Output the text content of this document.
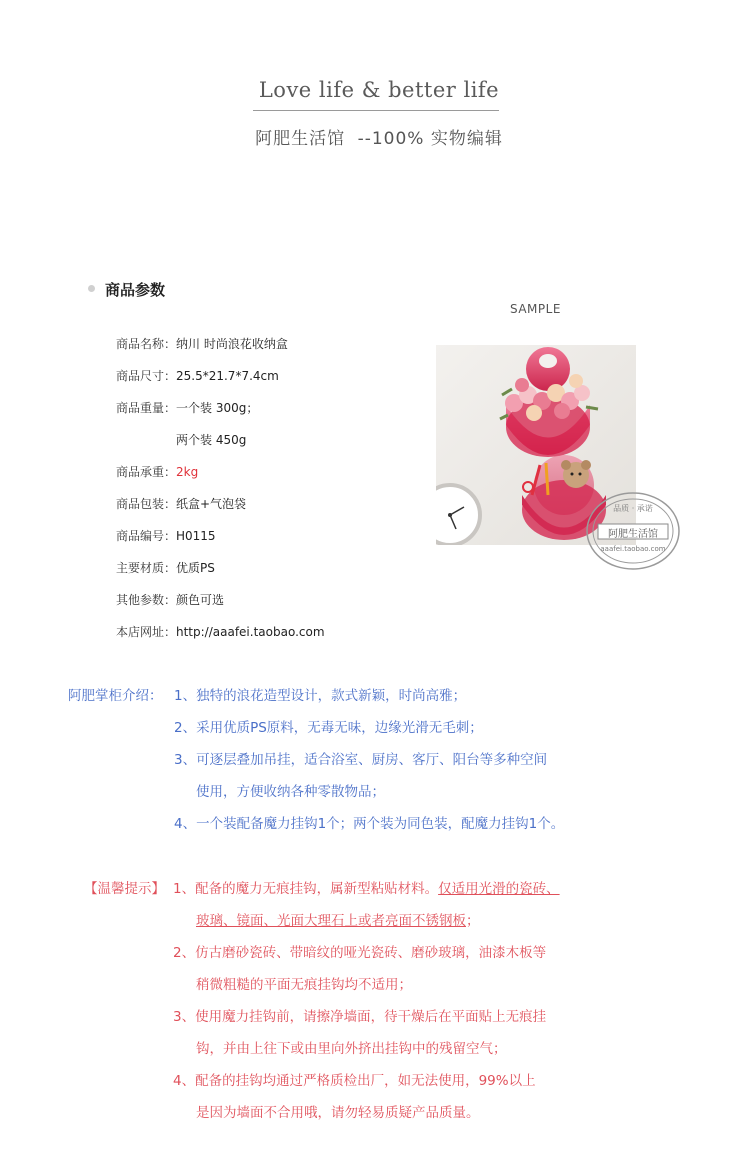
Love life & better life
阿肥生活馆 --100% 实物编辑
商品参数
商品名称：纳川 时尚浪花收纳盒
商品尺寸：25.5*21.7*7.4cm
商品重量：一个装 300g；
两个装 450g
商品承重：2kg
商品包装：纸盒+气泡袋
商品编号：H0115
主要材质：优质PS
其他参数：颜色可选
本店网址：http://aaafei.taobao.com
SAMPLE
品质 · 承诺
阿肥生活馆
aaafei.taobao.com
阿肥掌柜介绍： 1、独特的浪花造型设计，款式新颖，时尚高雅；
2、采用优质PS原料，无毒无味，边缘光滑无毛刺；
3、可逐层叠加吊挂，适合浴室、厨房、客厅、阳台等多种空间
使用，方便收纳各种零散物品；
4、一个装配备魔力挂钩1个；两个装为同色装，配魔力挂钩1个。
【温馨提示】 1、配备的魔力无痕挂钩，属新型粘贴材料。仅适用光滑的瓷砖、
玻璃、镜面、光面大理石上或者亮面不锈钢板；
2、仿古磨砂瓷砖、带暗纹的哑光瓷砖、磨砂玻璃，油漆木板等
稍微粗糙的平面无痕挂钩均不适用；
3、使用魔力挂钩前，请擦净墙面，待干燥后在平面贴上无痕挂
钩，并由上往下或由里向外挤出挂钩中的残留空气；
4、配备的挂钩均通过严格质检出厂，如无法使用，99%以上
是因为墙面不合用哦，请勿轻易质疑产品质量。
